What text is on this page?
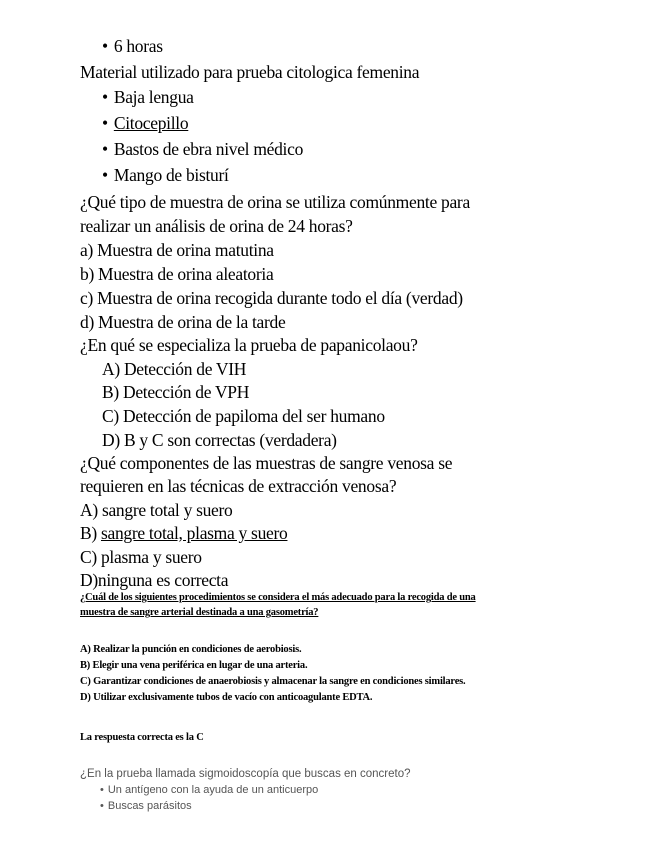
• 6 horas
Material utilizado para prueba citologica femenina
• Baja lengua
• Citocepillo
• Bastos de ebra nivel médico
• Mango de bisturí
¿Qué tipo de muestra de orina se utiliza comúnmente para
realizar un análisis de orina de 24 horas?
a) Muestra de orina matutina
b) Muestra de orina aleatoria
c) Muestra de orina recogida durante todo el día (verdad)
d) Muestra de orina de la tarde
¿En qué se especializa la prueba de papanicolaou?
A) Detección de VIH
B) Detección de VPH
C) Detección de papiloma del ser humano
D) B y C son correctas (verdadera)
¿Qué componentes de las muestras de sangre venosa se
requieren en las técnicas de extracción venosa?
A) sangre total y suero
B) sangre total, plasma y suero
C) plasma y suero
D)ninguna es correcta
¿Cuál de los siguientes procedimientos se considera el más adecuado para la recogida de una
muestra de sangre arterial destinada a una gasometría?
A) Realizar la punción en condiciones de aerobiosis.
B) Elegir una vena periférica en lugar de una arteria.
C) Garantizar condiciones de anaerobiosis y almacenar la sangre en condiciones similares.
D) Utilizar exclusivamente tubos de vacío con anticoagulante EDTA.
La respuesta correcta es la C
¿En la prueba llamada sigmoidoscopía que buscas en concreto?
• Un antígeno con la ayuda de un anticuerpo
• Buscas parásitos
